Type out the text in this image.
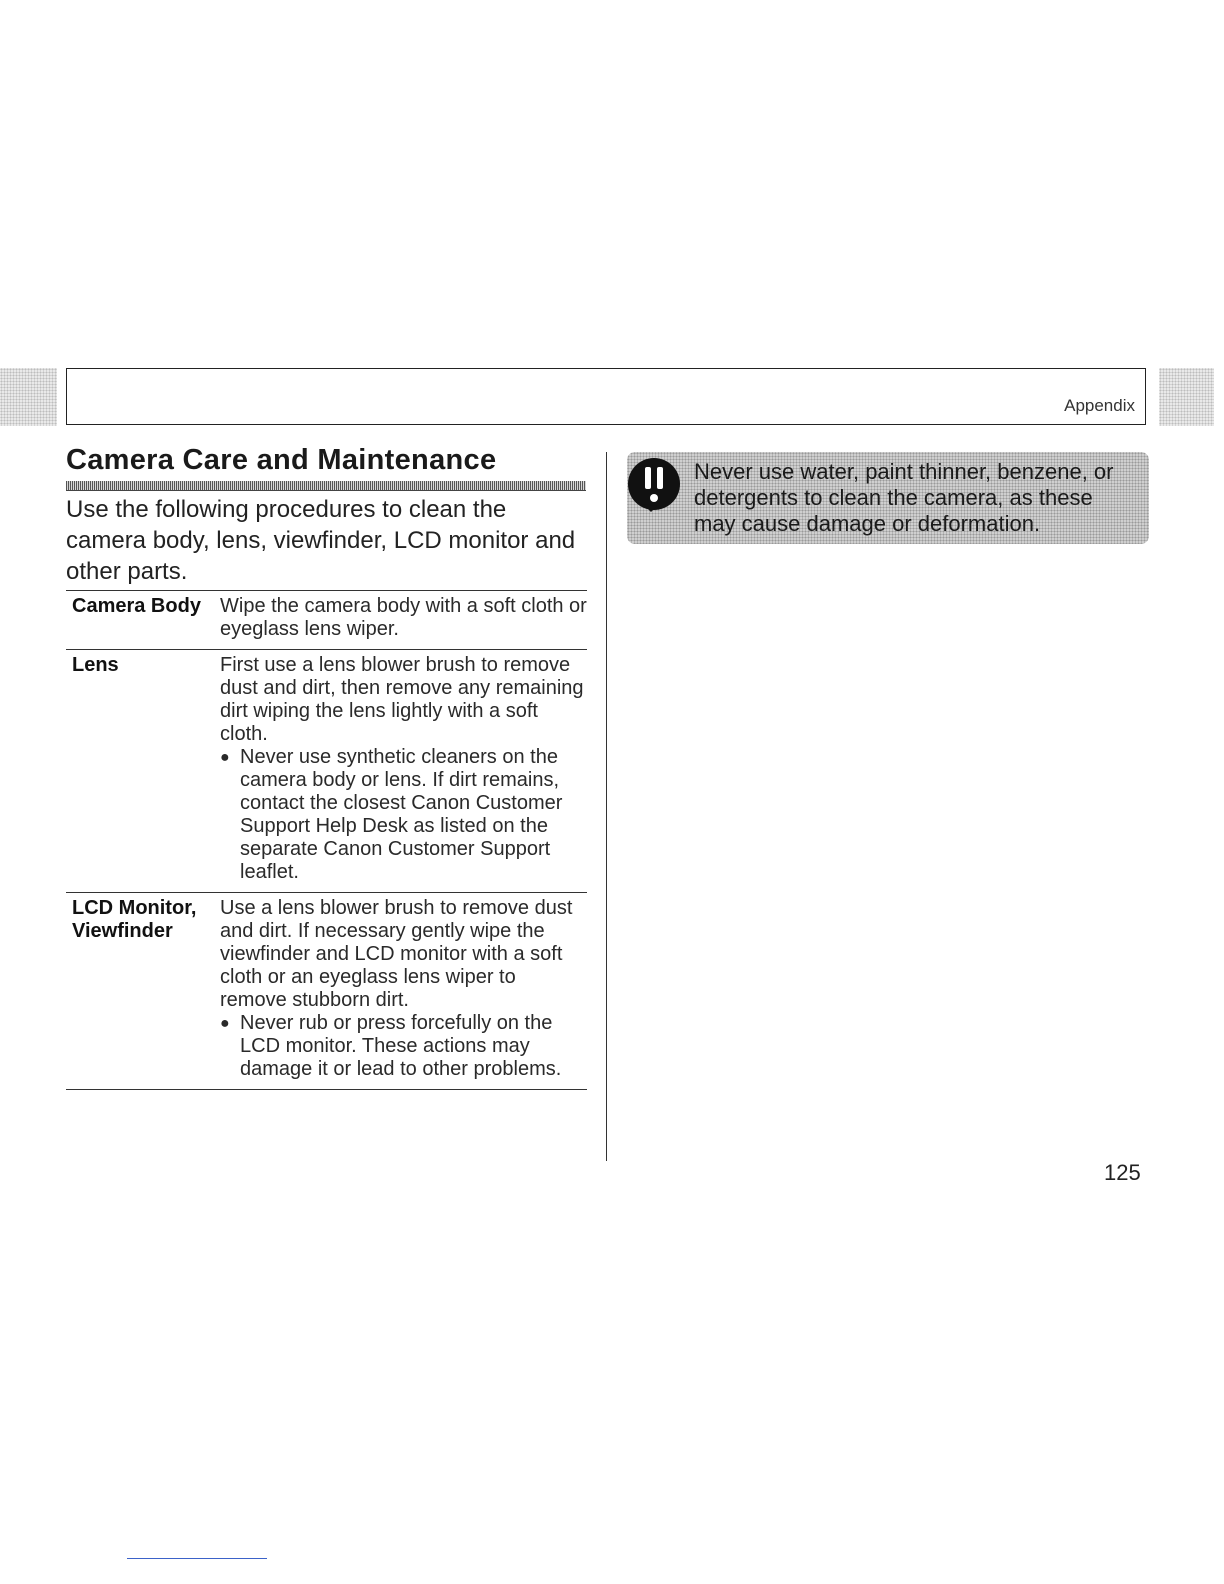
Appendix
Camera Care and Maintenance

Use the following procedures to clean the camera body, lens, viewfinder, LCD monitor and other parts.

Camera Body	Wipe the camera body with a soft cloth or eyeglass lens wiper.

Lens	First use a lens blower brush to remove dust and dirt, then remove any remaining dirt wiping the lens lightly with a soft cloth.

● Never use synthetic cleaners on the camera body or lens. If dirt remains, contact the closest Canon Customer Support Help Desk as listed on the separate Canon Customer Support leaflet.

LCD Monitor, Viewfinder	Use a lens blower brush to remove dust and dirt. If necessary gently wipe the viewfinder and LCD monitor with a soft cloth or an eyeglass lens wiper to remove stubborn dirt.

● Never rub or press forcefully on the LCD monitor. These actions may damage it or lead to other problems.

Never use water, paint thinner, benzene, or detergents to clean the camera, as these may cause damage or deformation.

125
